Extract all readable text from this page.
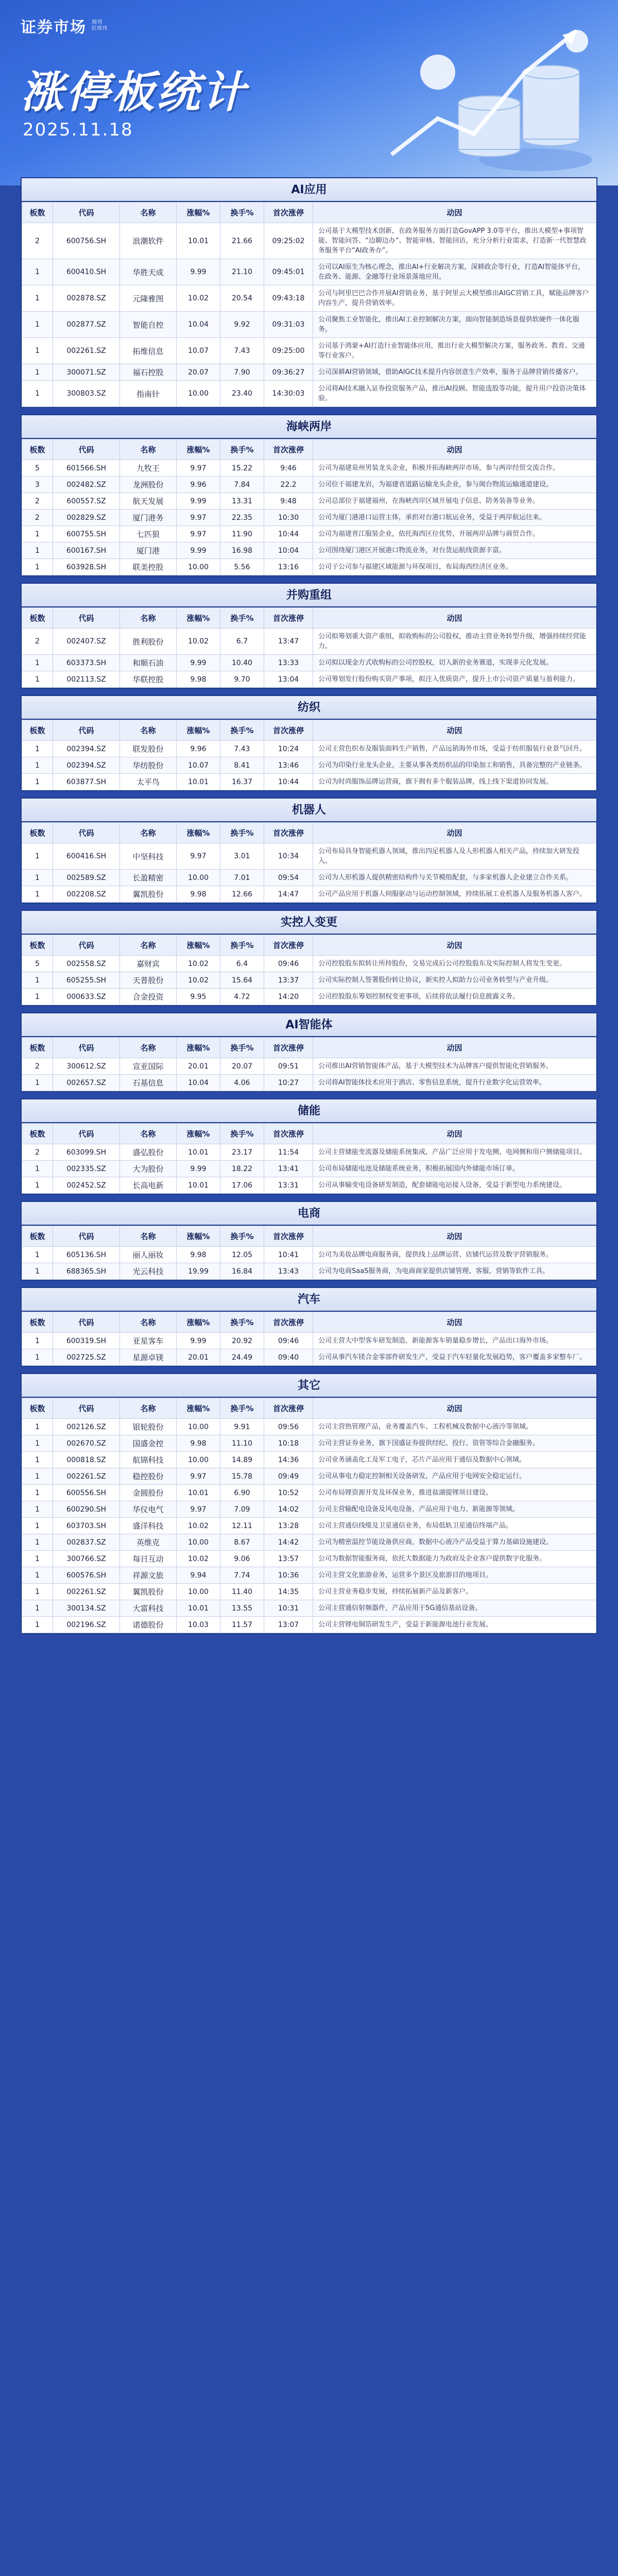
证券市场 周刊
红周刊
涨停板统计
2025.11.18
AI应用
板数	代码	名称	涨幅%	换手%	首次涨停	动因
2	600756.SH	浪潮软件	10.01	21.66	09:25:02	公司基于大模型技术创新，在政务服务方面打造GovAPP 3.0等平台，推出大模型+事项智能、智能问答、“边聊边办”、智能审核、智能回访，充分分析行业需求，打造新一代智慧政务服务平台“AI政务办”。
1	600410.SH	华胜天成	9.99	21.10	09:45:01	公司以AI原生为核心理念，推出AI+行业解决方案，深耕政企等行业，打造AI智能体平台，在政务、能源、金融等行业场景落地应用。
1	002878.SZ	元隆雅图	10.02	20.54	09:43:18	公司与阿里巴巴合作开展AI营销业务，基于阿里云大模型推出AIGC营销工具，赋能品牌客户内容生产，提升营销效率。
1	002877.SZ	智能自控	10.04	9.92	09:31:03	公司聚焦工业智能化，推出AI工业控制解决方案，面向智能制造场景提供软硬件一体化服务。
1	002261.SZ	拓维信息	10.07	7.43	09:25:00	公司基于鸿蒙+AI打造行业智能体应用，推出行业大模型解决方案，服务政务、教育、交通等行业客户。
1	300071.SZ	福石控股	20.07	7.90	09:36:27	公司深耕AI营销领域，借助AIGC技术提升内容创意生产效率，服务于品牌营销传播客户。
1	300803.SZ	指南针	10.00	23.40	14:30:03	公司将AI技术融入证券投资服务产品，推出AI投顾、智能选股等功能，提升用户投资决策体验。
海峡两岸
板数	代码	名称	涨幅%	换手%	首次涨停	动因
5	601566.SH	九牧王	9.97	15.22	9:46	公司为福建泉州男装龙头企业，积极开拓海峡两岸市场，参与两岸经贸交流合作。
3	002482.SZ	龙洲股份	9.96	7.84	22.2	公司位于福建龙岩，为福建省道路运输龙头企业，参与闽台物流运输通道建设。
2	600557.SZ	航天发展	9.99	13.31	9:48	公司总部位于福建福州，在海峡西岸区域开展电子信息、防务装备等业务。
2	002829.SZ	厦门港务	9.97	22.35	10:30	公司为厦门港港口运营主体，承担对台港口航运业务，受益于两岸航运往来。
1	600755.SH	七匹狼	9.97	11.90	10:44	公司为福建晋江服装企业，依托海西区位优势，开展两岸品牌与商贸合作。
1	600167.SH	厦门港	9.99	16.98	10:04	公司围绕厦门港区开展港口物流业务，对台货运航线资源丰富。
1	603928.SH	联美控股	10.00	5.56	13:16	公司子公司参与福建区域能源与环保项目，布局海西经济区业务。
并购重组
板数	代码	名称	涨幅%	换手%	首次涨停	动因
2	002407.SZ	胜利股份	10.02	6.7	13:47	公司拟筹划重大资产重组，拟收购标的公司股权，推动主营业务转型升级，增强持续经营能力。
1	603373.SH	和顺石油	9.99	10.40	13:33	公司拟以现金方式收购标的公司控股权，切入新的业务赛道，实现多元化发展。
1	002113.SZ	华联控股	9.98	9.70	13:04	公司筹划发行股份购买资产事项，拟注入优质资产，提升上市公司资产质量与盈利能力。
纺织
板数	代码	名称	涨幅%	换手%	首次涨停	动因
1	002394.SZ	联发股份	9.96	7.43	10:24	公司主营色织布及服装面料生产销售，产品远销海外市场，受益于纺织服装行业景气回升。
1	002394.SZ	华纺股份	10.07	8.41	13:46	公司为印染行业龙头企业，主要从事各类纺织品的印染加工和销售，具备完整的产业链条。
1	603877.SH	太平鸟	10.01	16.37	10:44	公司为时尚服饰品牌运营商，旗下拥有多个服装品牌，线上线下渠道协同发展。
机器人
板数	代码	名称	涨幅%	换手%	首次涨停	动因
1	600416.SH	中坚科技	9.97	3.01	10:34	公司布局具身智能机器人领域，推出四足机器人及人形机器人相关产品，持续加大研发投入。
1	002589.SZ	长盈精密	10.00	7.01	09:54	公司为人形机器人提供精密结构件与关节模组配套，与多家机器人企业建立合作关系。
1	002208.SZ	翼凯股份	9.98	12.66	14:47	公司产品应用于机器人伺服驱动与运动控制领域，持续拓展工业机器人及服务机器人客户。
实控人变更
板数	代码	名称	涨幅%	换手%	首次涨停	动因
5	002558.SZ	嘉财宾	10.02	6.4	09:46	公司控股股东拟转让所持股份，交易完成后公司控股股东及实际控制人将发生变更。
1	605255.SH	天普股份	10.02	15.64	13:37	公司实际控制人签署股份转让协议，新实控人拟助力公司业务转型与产业升级。
1	000633.SZ	合金投资	9.95	4.72	14:20	公司控股股东筹划控制权变更事项，后续将依法履行信息披露义务。
AI智能体
板数	代码	名称	涨幅%	换手%	首次涨停	动因
2	300612.SZ	宣亚国际	20.01	20.07	09:51	公司推出AI营销智能体产品，基于大模型技术为品牌客户提供智能化营销服务。
1	002657.SZ	石基信息	10.04	4.06	10:27	公司将AI智能体技术应用于酒店、零售信息系统，提升行业数字化运营效率。
储能
板数	代码	名称	涨幅%	换手%	首次涨停	动因
2	603099.SH	盛弘股份	10.01	23.17	11:54	公司主营储能变流器及储能系统集成，产品广泛应用于发电侧、电网侧和用户侧储能项目。
1	002335.SZ	大为股份	9.99	18.22	13:41	公司布局储能电池及储能系统业务，积极拓展国内外储能市场订单。
1	002452.SZ	长高电新	10.01	17.06	13:31	公司从事输变电设备研发制造，配套储能电站接入设备，受益于新型电力系统建设。
电商
板数	代码	名称	涨幅%	换手%	首次涨停	动因
1	605136.SH	丽人丽妆	9.98	12.05	10:41	公司为美妆品牌电商服务商，提供线上品牌运营、店铺代运营及数字营销服务。
1	688365.SH	光云科技	19.99	16.84	13:43	公司为电商SaaS服务商，为电商商家提供店铺管理、客服、营销等软件工具。
汽车
板数	代码	名称	涨幅%	换手%	首次涨停	动因
1	600319.SH	亚星客车	9.99	20.92	09:46	公司主营大中型客车研发制造，新能源客车销量稳步增长，产品出口海外市场。
1	002725.SZ	星源卓镁	20.01	24.49	09:40	公司从事汽车镁合金零部件研发生产，受益于汽车轻量化发展趋势，客户覆盖多家整车厂。
其它
板数	代码	名称	涨幅%	换手%	首次涨停	动因
1	002126.SZ	银轮股份	10.00	9.91	09:56	公司主营热管理产品，业务覆盖汽车、工程机械及数据中心液冷等领域。
1	002670.SZ	国盛金控	9.98	11.10	10:18	公司主营证券业务，旗下国盛证券提供经纪、投行、资管等综合金融服务。
1	000818.SZ	航锦科技	10.00	14.89	14:36	公司业务涵盖化工及军工电子，芯片产品应用于通信及数据中心领域。
1	002261.SZ	稳控股份	9.97	15.78	09:49	公司从事电力稳定控制相关设备研发，产品应用于电网安全稳定运行。
1	600556.SH	金圆股份	10.01	6.90	10:52	公司布局锂资源开发及环保业务，推进盐湖提锂项目建设。
1	600290.SH	华仪电气	9.97	7.09	14:02	公司主营输配电设备及风电设备，产品应用于电力、新能源等领域。
1	603703.SH	盛洋科技	10.02	12.11	13:28	公司主营通信线缆及卫星通信业务，布局低轨卫星通信终端产品。
1	002837.SZ	英维克	10.00	8.67	14:42	公司为精密温控节能设备供应商，数据中心液冷产品受益于算力基础设施建设。
1	300766.SZ	每日互动	10.02	9.06	13:57	公司为数据智能服务商，依托大数据能力为政府及企业客户提供数字化服务。
1	600576.SH	祥源文旅	9.94	7.74	10:36	公司主营文化旅游业务，运营多个景区及旅游目的地项目。
1	002261.SZ	翼凯股份	10.00	11.40	14:35	公司主营业务稳步发展，持续拓展新产品及新客户。
1	300134.SZ	大富科技	10.01	13.55	10:31	公司主营通信射频器件，产品应用于5G通信基站设备。
1	002196.SZ	诺德股份	10.03	11.57	13:07	公司主营锂电铜箔研发生产，受益于新能源电池行业发展。
